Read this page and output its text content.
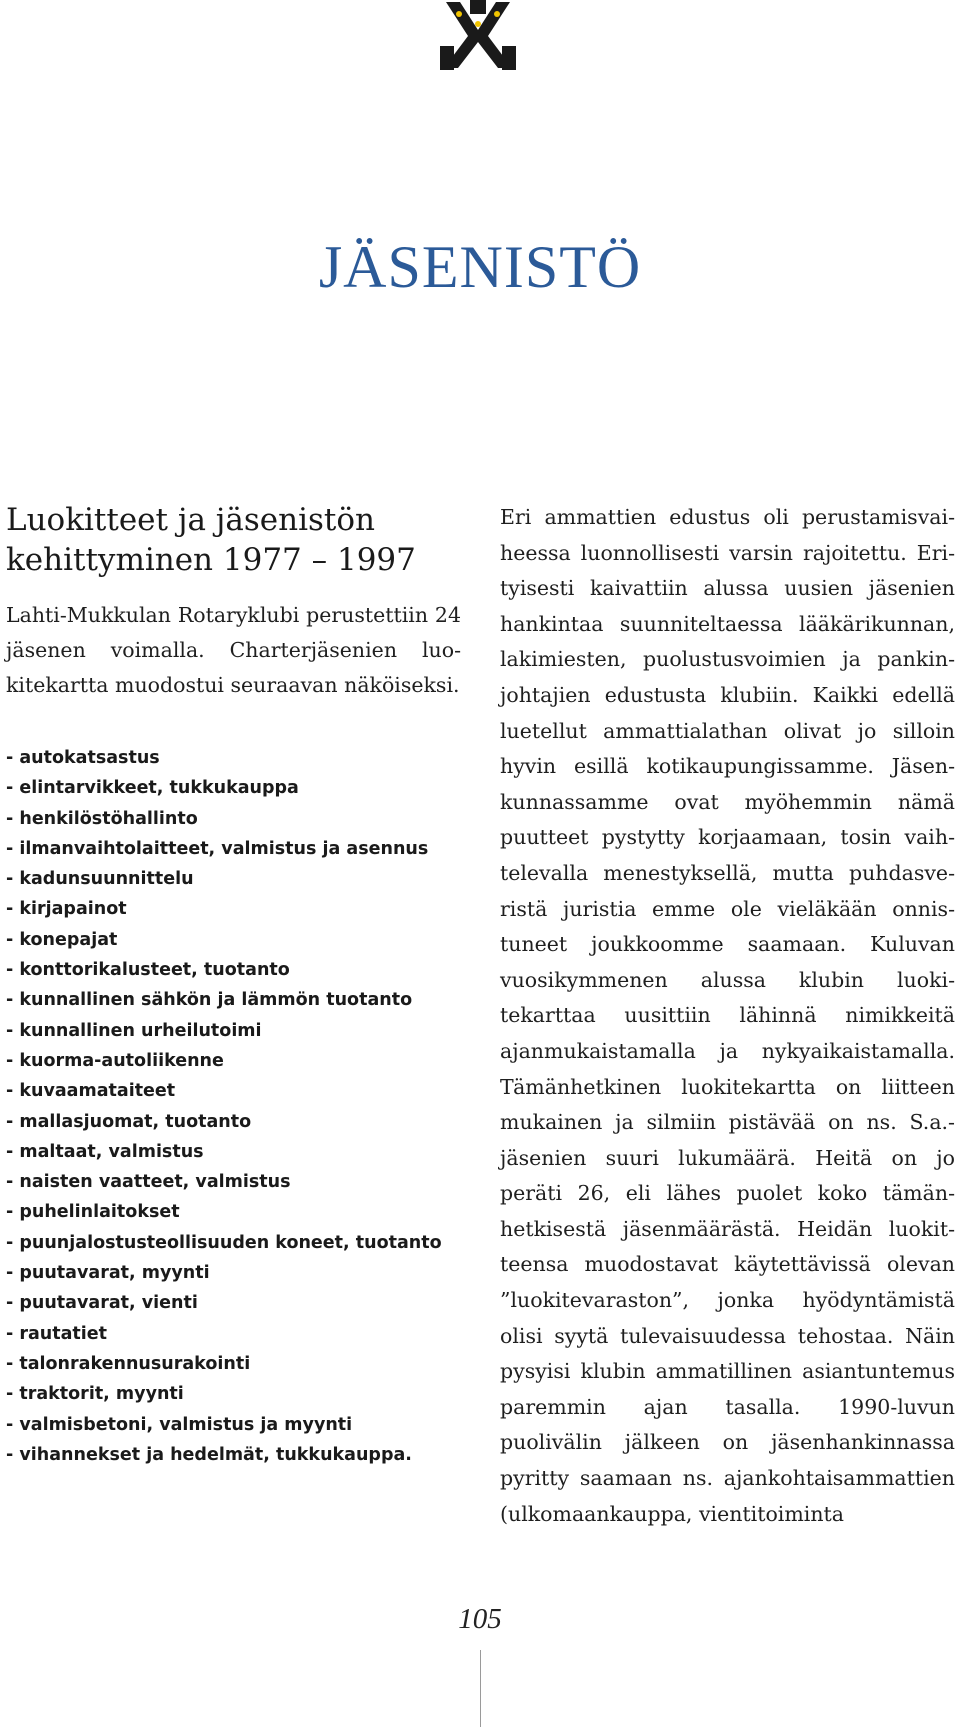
JÄSENISTÖ
Luokitteet ja jäsenistön kehittyminen 1977 – 1997

Lahti-Mukkulan Rotaryklubi perustettiin 24 jäsenen voimalla. Charterjäsenien luokitekartta muodostui seuraavan näköiseksi.

- autokatsastus
- elintarvikkeet, tukkukauppa
- henkilöstöhallinto
- ilmanvaihtolaitteet, valmistus ja asennus
- kadunsuunnittelu
- kirjapainot
- konepajat
- konttorikalusteet, tuotanto
- kunnallinen sähkön ja lämmön tuotanto
- kunnallinen urheilutoimi
- kuorma-autoliikenne
- kuvaamataiteet
- mallasjuomat, tuotanto
- maltaat, valmistus
- naisten vaatteet, valmistus
- puhelinlaitokset
- puunjalostusteollisuuden koneet, tuotanto
- puutavarat, myynti
- puutavarat, vienti
- rautatiet
- talonrakennusurakointi
- traktorit, myynti
- valmisbetoni, valmistus ja myynti
- vihannekset ja hedelmät, tukkukauppa.

Eri ammattien edustus oli perustamisvaiheessa luonnollisesti varsin rajoitettu. Erityisesti kaivattiin alussa uusien jäsenien hankintaa suunniteltaessa lääkärikunnan, lakimiesten, puolustusvoimien ja pankinjohtajien edustusta klubiin. Kaikki edellä luetellut ammattialathan olivat jo silloin hyvin esillä kotikaupungissamme. Jäsenkunnassamme ovat myöhemmin nämä puutteet pystytty korjaamaan, tosin vaihtelevalla menestyksellä, mutta puhdasveristä juristia emme ole vieläkään onnistuneet joukkoomme saamaan. Kuluvan vuosikymmenen alussa klubin luokitekarttaa uusittiin lähinnä nimikkeitä ajanmukaistamalla ja nykyaikaistamalla. Tämänhetkinen luokitekartta on liitteen mukainen ja silmiin pistävää on ns. S.a.-jäsenien suuri lukumäärä. Heitä on jo peräti 26, eli lähes puolet koko tämänhetkisestä jäsenmäärästä. Heidän luokitteensa muodostavat käytettävissä olevan ”luokitevaraston”, jonka hyödyntämistä olisi syytä tulevaisuudessa tehostaa. Näin pysyisi klubin ammatillinen asiantuntemus paremmin ajan tasalla. 1990-luvun puolivälin jälkeen on jäsenhankinnassa pyritty saamaan ns. ajankohtaisammattien (ulkomaankauppa, vientitoiminta

105
